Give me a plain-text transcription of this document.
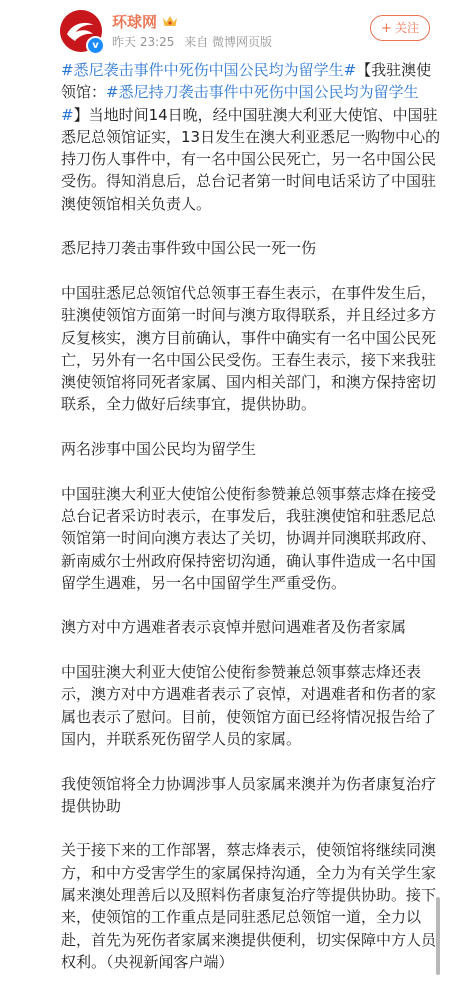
v
环球网
昨天 23:25 来自 微博网页版
+ 关注

#悉尼袭击事件中死伤中国公民均为留学生#【我驻澳使领馆：#悉尼持刀袭击事件中死伤中国公民均为留学生#】当地时间14日晚，经中国驻澳大利亚大使馆、中国驻悉尼总领馆证实，13日发生在澳大利亚悉尼一购物中心的持刀伤人事件中，有一名中国公民死亡，另一名中国公民受伤。得知消息后，总台记者第一时间电话采访了中国驻澳使领馆相关负责人。

悉尼持刀袭击事件致中国公民一死一伤

中国驻悉尼总领馆代总领事王春生表示，在事件发生后，驻澳使领馆方面第一时间与澳方取得联系，并且经过多方反复核实，澳方目前确认，事件中确实有一名中国公民死亡，另外有一名中国公民受伤。王春生表示，接下来我驻澳使领馆将同死者家属、国内相关部门，和澳方保持密切联系，全力做好后续事宜，提供协助。

两名涉事中国公民均为留学生

中国驻澳大利亚大使馆公使衔参赞兼总领事蔡志烽在接受总台记者采访时表示，在事发后，我驻澳使馆和驻悉尼总领馆第一时间向澳方表达了关切，协调并同澳联邦政府、新南威尔士州政府保持密切沟通，确认事件造成一名中国留学生遇难，另一名中国留学生严重受伤。

澳方对中方遇难者表示哀悼并慰问遇难者及伤者家属

中国驻澳大利亚大使馆公使衔参赞兼总领事蔡志烽还表示，澳方对中方遇难者表示了哀悼，对遇难者和伤者的家属也表示了慰问。目前，使领馆方面已经将情况报告给了国内，并联系死伤留学人员的家属。

我使领馆将全力协调涉事人员家属来澳并为伤者康复治疗提供协助

关于接下来的工作部署，蔡志烽表示，使领馆将继续同澳方，和中方受害学生的家属保持沟通，全力为有关学生家属来澳处理善后以及照料伤者康复治疗等提供协助。接下来，使领馆的工作重点是同驻悉尼总领馆一道，全力以赴，首先为死伤者家属来澳提供便利，切实保障中方人员权利。（央视新闻客户端）
